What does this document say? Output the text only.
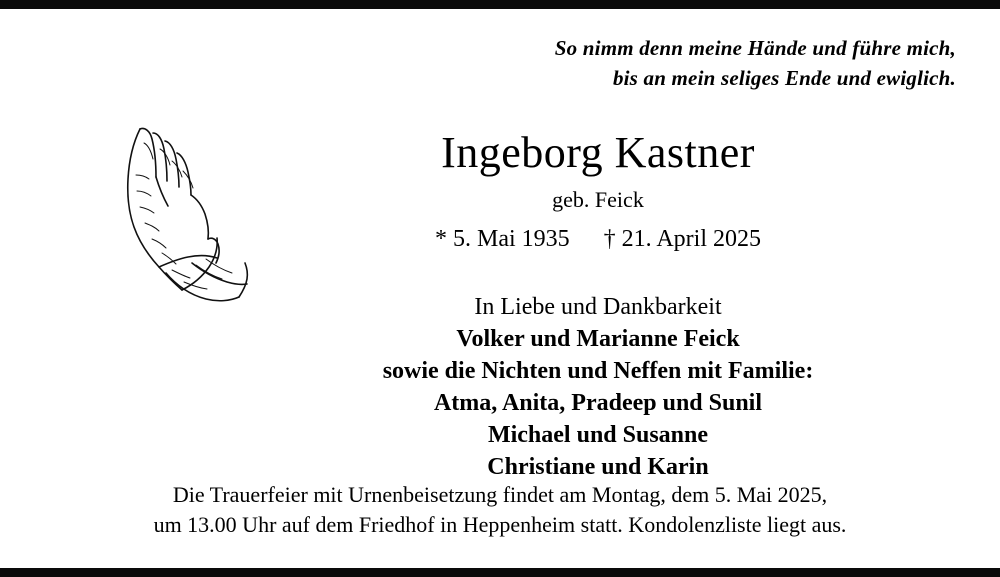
So nimm denn meine Hände und führe mich,
bis an mein seliges Ende und ewiglich.
Ingeborg Kastner
geb. Feick
* 5. Mai 1935 † 21. April 2025
In Liebe und Dankbarkeit
Volker und Marianne Feick
sowie die Nichten und Neffen mit Familie:
Atma, Anita, Pradeep und Sunil
Michael und Susanne
Christiane und Karin
Die Trauerfeier mit Urnenbeisetzung findet am Montag, dem 5. Mai 2025,
um 13.00 Uhr auf dem Friedhof in Heppenheim statt. Kondolenzliste liegt aus.
